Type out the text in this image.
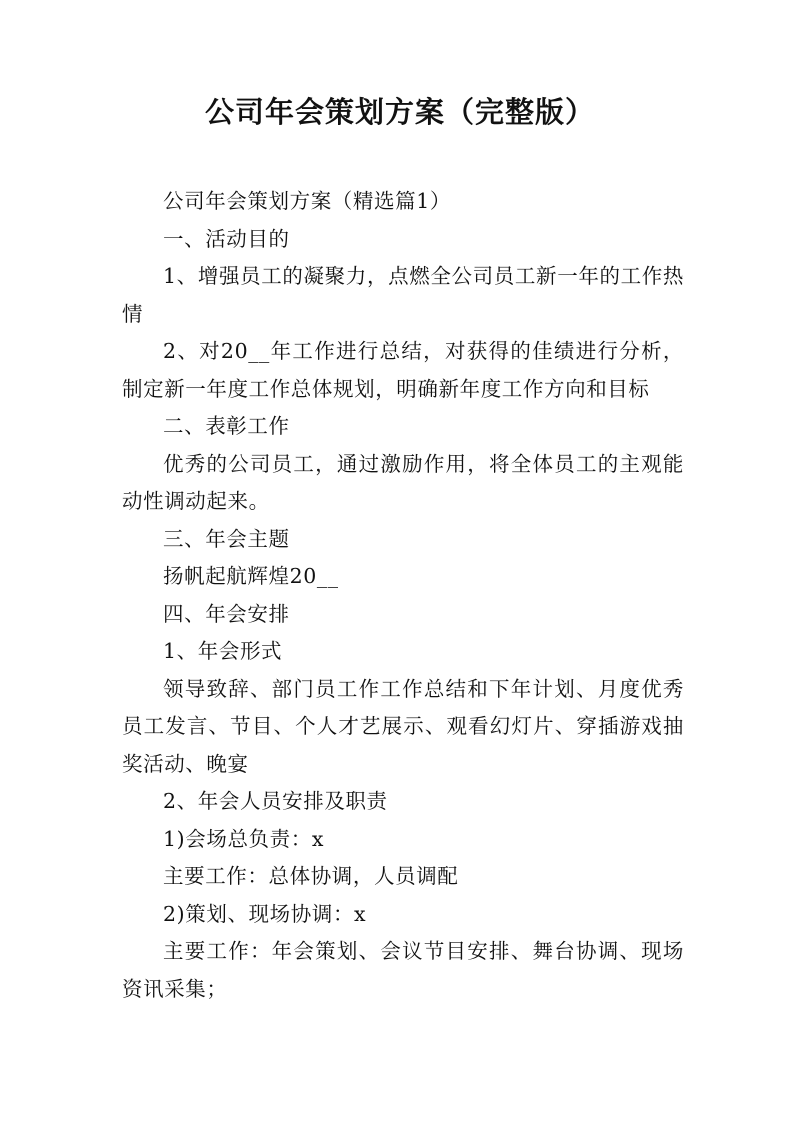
公司年会策划方案（完整版）

公司年会策划方案（精选篇1）

一、活动目的

1、增强员工的凝聚力，点燃全公司员工新一年的工作热情

2、对20__年工作进行总结，对获得的佳绩进行分析，制定新一年度工作总体规划，明确新年度工作方向和目标

二、表彰工作

优秀的公司员工，通过激励作用，将全体员工的主观能动性调动起来。

三、年会主题

扬帆起航辉煌20__

四、年会安排

1、年会形式

领导致辞、部门员工作工作总结和下年计划、月度优秀员工发言、节目、个人才艺展示、观看幻灯片、穿插游戏抽奖活动、晚宴

2、年会人员安排及职责

1)会场总负责：x

主要工作：总体协调，人员调配

2)策划、现场协调：x

主要工作：年会策划、会议节目安排、舞台协调、现场资讯采集；
